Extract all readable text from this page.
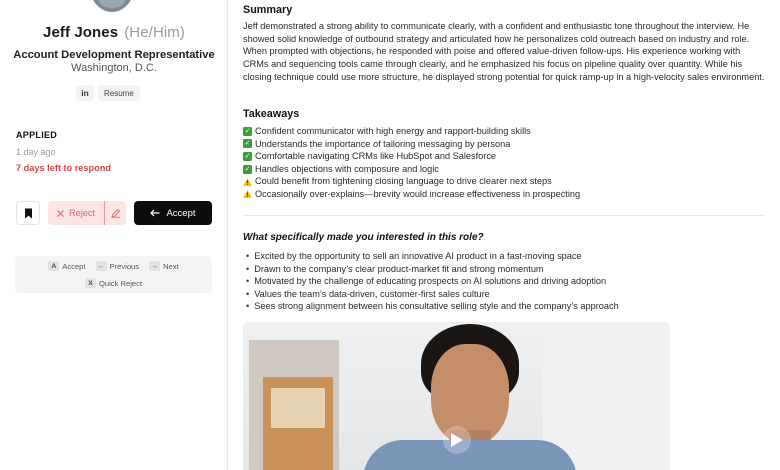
Jeff Jones (He/Him)
Account Development Representative
Washington, D.C.
in	Resume
APPLIED
1 day ago
7 days left to respond
Reject	Accept
A Accept	← Previous	→ Next
X Quick Reject
Summary

Jeff demonstrated a strong ability to communicate clearly, with a confident and enthusiastic tone throughout the interview. He showed solid knowledge of outbound strategy and articulated how he personalizes cold outreach based on industry and role. When prompted with objections, he responded with poise and offered value-driven follow-ups. His experience working with CRMs and sequencing tools came through clearly, and he emphasized his focus on pipeline quality over quantity. While his closing technique could use more structure, he displayed strong potential for quick ramp-up in a high-velocity sales environment.

Takeaways
✓ Confident communicator with high energy and rapport-building skills
✓ Understands the importance of tailoring messaging by persona
✓ Comfortable navigating CRMs like HubSpot and Salesforce
✓ Handles objections with composure and logic
Could benefit from tightening closing language to drive clearer next steps
Occasionally over-explains—brevity would increase effectiveness in prospecting
What specifically made you interested in this role?
• Excited by the opportunity to sell an innovative AI product in a fast-moving space
• Drawn to the company’s clear product-market fit and strong momentum
• Motivated by the challenge of educating prospects on AI solutions and driving adoption
• Values the team’s data-driven, customer-first sales culture
• Sees strong alignment between his consultative selling style and the company’s approach
